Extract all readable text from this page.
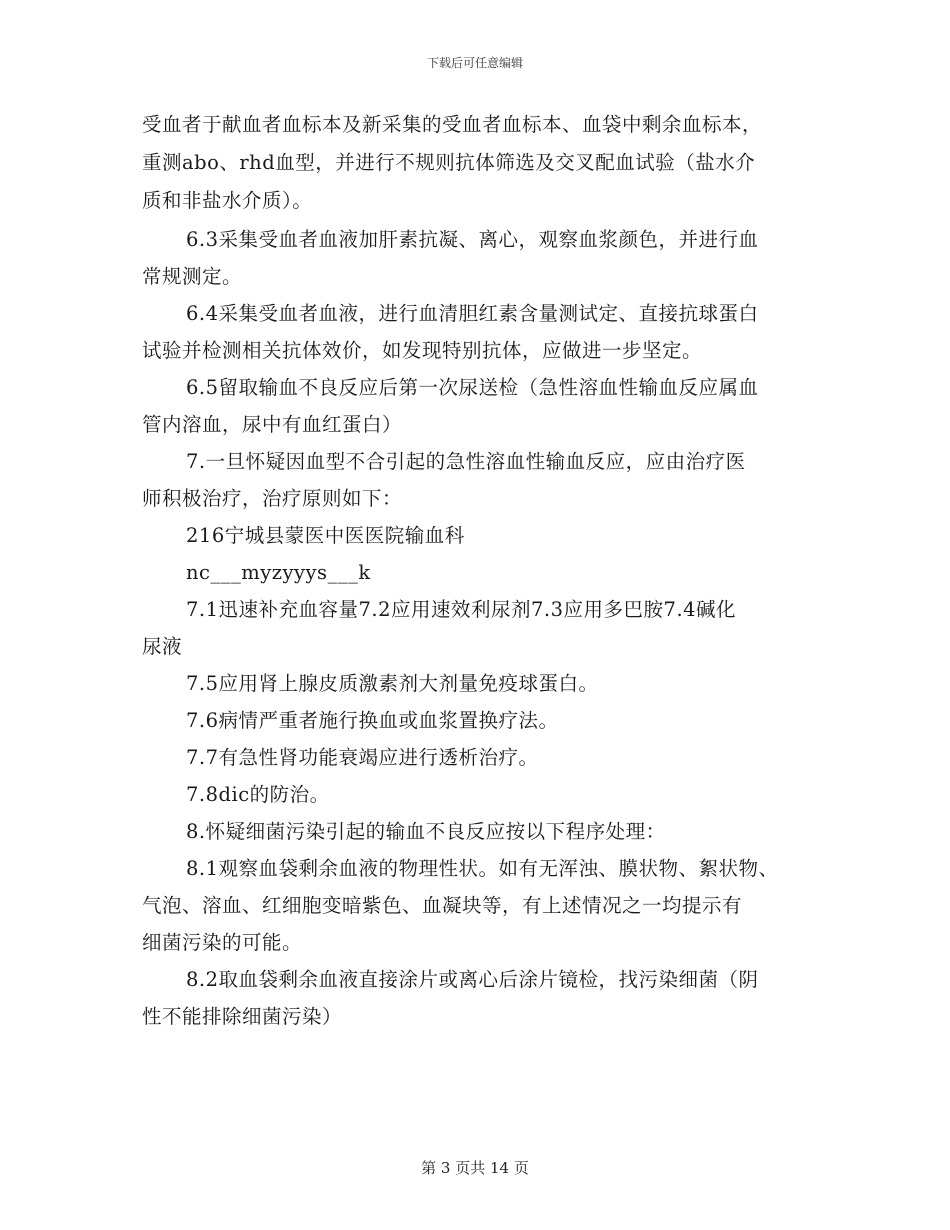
下载后可任意编辑
受血者于献血者血标本及新采集的受血者血标本、血袋中剩余血标本，
重测abo、rhd血型，并进行不规则抗体筛选及交叉配血试验（盐水介
质和非盐水介质）。
6.3采集受血者血液加肝素抗凝、离心，观察血浆颜色，并进行血
常规测定。
6.4采集受血者血液，进行血清胆红素含量测试定、直接抗球蛋白
试验并检测相关抗体效价，如发现特别抗体，应做进一步坚定。
6.5留取输血不良反应后第一次尿送检（急性溶血性输血反应属血
管内溶血，尿中有血红蛋白）
7.一旦怀疑因血型不合引起的急性溶血性输血反应，应由治疗医
师积极治疗，治疗原则如下：
216宁城县蒙医中医医院输血科
nc___myzyyys___k
7.1迅速补充血容量7.2应用速效利尿剂7.3应用多巴胺7.4碱化
尿液
7.5应用肾上腺皮质激素剂大剂量免疫球蛋白。
7.6病情严重者施行换血或血浆置换疗法。
7.7有急性肾功能衰竭应进行透析治疗。
7.8dic的防治。
8.怀疑细菌污染引起的输血不良反应按以下程序处理：
8.1观察血袋剩余血液的物理性状。如有无浑浊、膜状物、絮状物、
气泡、溶血、红细胞变暗紫色、血凝块等，有上述情况之一均提示有
细菌污染的可能。
8.2取血袋剩余血液直接涂片或离心后涂片镜检，找污染细菌（阴
性不能排除细菌污染）
第 3 页共 14 页
